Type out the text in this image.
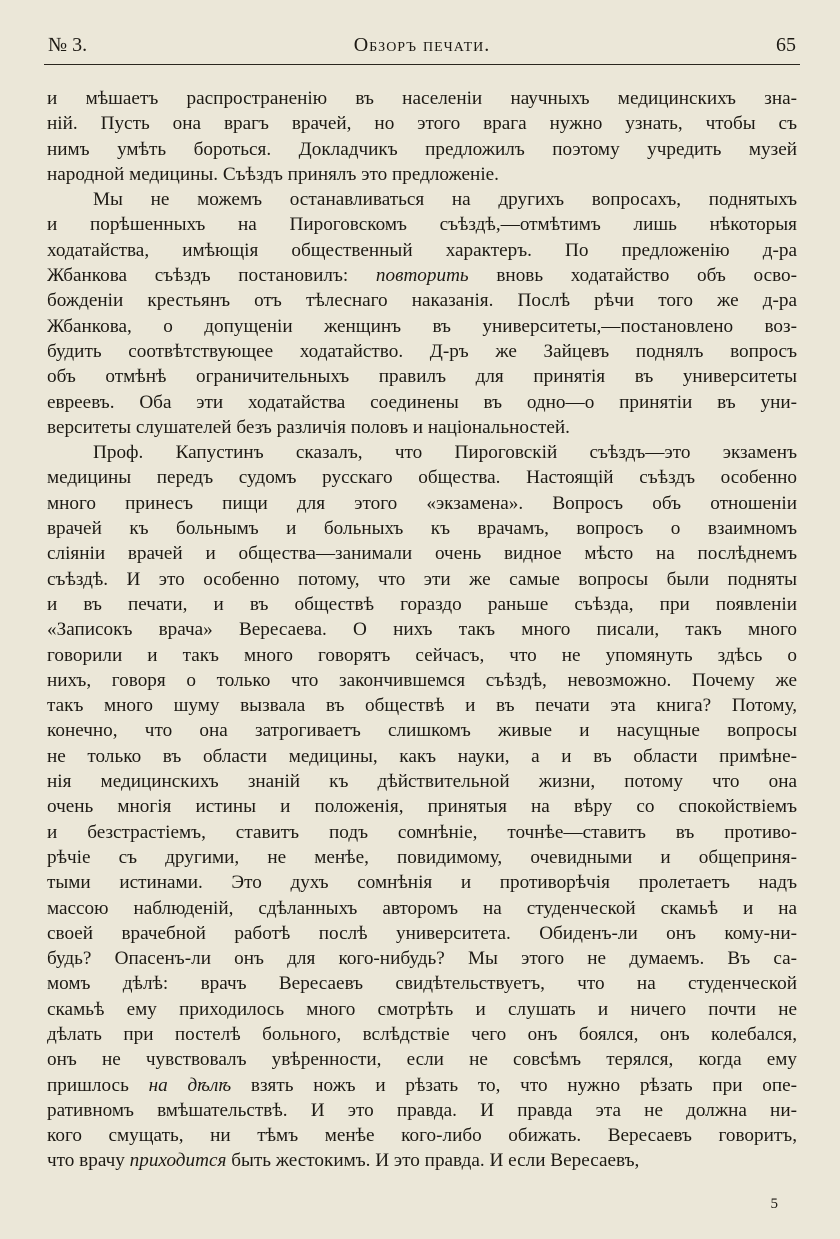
№ 3.	Обзоръ печати.	65
и мѣшаетъ распространенію въ населеніи научныхъ медицинскихъ зна-
ній. Пусть она врагъ врачей, но этого врага нужно узнать, чтобы съ
нимъ умѣть бороться. Докладчикъ предложилъ поэтому учредить музей
народной медицины. Съѣздъ принялъ это предложеніе.
Мы не можемъ останавливаться на другихъ вопросахъ, поднятыхъ
и порѣшенныхъ на Пироговскомъ съѣздѣ,—отмѣтимъ лишь нѣкоторыя
ходатайства, имѣющія общественный характеръ. По предложенію д-ра
Жбанкова съѣздъ постановилъ: повторить вновь ходатайство объ осво-
божденіи крестьянъ отъ тѣлеснаго наказанія. Послѣ рѣчи того же д-ра
Жбанкова, о допущеніи женщинъ въ университеты,—постановлено воз-
будить соотвѣтствующее ходатайство. Д-ръ же Зайцевъ поднялъ вопросъ
объ отмѣнѣ ограничительныхъ правилъ для принятія въ университеты
евреевъ. Оба эти ходатайства соединены въ одно—о принятіи въ уни-
верситеты слушателей безъ различія половъ и національностей.
Проф. Капустинъ сказалъ, что Пироговскій съѣздъ—это экзаменъ
медицины передъ судомъ русскаго общества. Настоящій съѣздъ особенно
много принесъ пищи для этого «экзамена». Вопросъ объ отношеніи
врачей къ больнымъ и больныхъ къ врачамъ, вопросъ о взаимномъ
сліяніи врачей и общества—занимали очень видное мѣсто на послѣднемъ
съѣздѣ. И это особенно потому, что эти же самые вопросы были подняты
и въ печати, и въ обществѣ гораздо раньше съѣзда, при появленіи
«Записокъ врача» Вересаева. О нихъ такъ много писали, такъ много
говорили и такъ много говорятъ сейчасъ, что не упомянуть здѣсь о
нихъ, говоря о только что закончившемся съѣздѣ, невозможно. Почему же
такъ много шуму вызвала въ обществѣ и въ печати эта книга? Потому,
конечно, что она затрогиваетъ слишкомъ живые и насущные вопросы
не только въ области медицины, какъ науки, а и въ области примѣне-
нія медицинскихъ знаній къ дѣйствительной жизни, потому что она
очень многія истины и положенія, принятыя на вѣру со спокойствіемъ
и безстрастіемъ, ставитъ подъ сомнѣніе, точнѣе—ставитъ въ противо-
рѣчіе съ другими, не менѣе, повидимому, очевидными и общеприня-
тыми истинами. Это духъ сомнѣнія и противорѣчія пролетаетъ надъ
массою наблюденій, сдѣланныхъ авторомъ на студенческой скамьѣ и на
своей врачебной работѣ послѣ университета. Обиденъ-ли онъ кому-ни-
будь? Опасенъ-ли онъ для кого-нибудь? Мы этого не думаемъ. Въ са-
момъ дѣлѣ: врачъ Вересаевъ свидѣтельствуетъ, что на студенческой
скамьѣ ему приходилось много смотрѣть и слушать и ничего почти не
дѣлать при постелѣ больного, вслѣдствіе чего онъ боялся, онъ колебался,
онъ не чувствовалъ увѣренности, если не совсѣмъ терялся, когда ему
пришлось на дѣлѣ взять ножъ и рѣзать то, что нужно рѣзать при опе-
ративномъ вмѣшательствѣ. И это правда. И правда эта не должна ни-
кого смущать, ни тѣмъ менѣе кого-либо обижать. Вересаевъ говоритъ,
что врачу приходится быть жестокимъ. И это правда. И если Вересаевъ,
5
